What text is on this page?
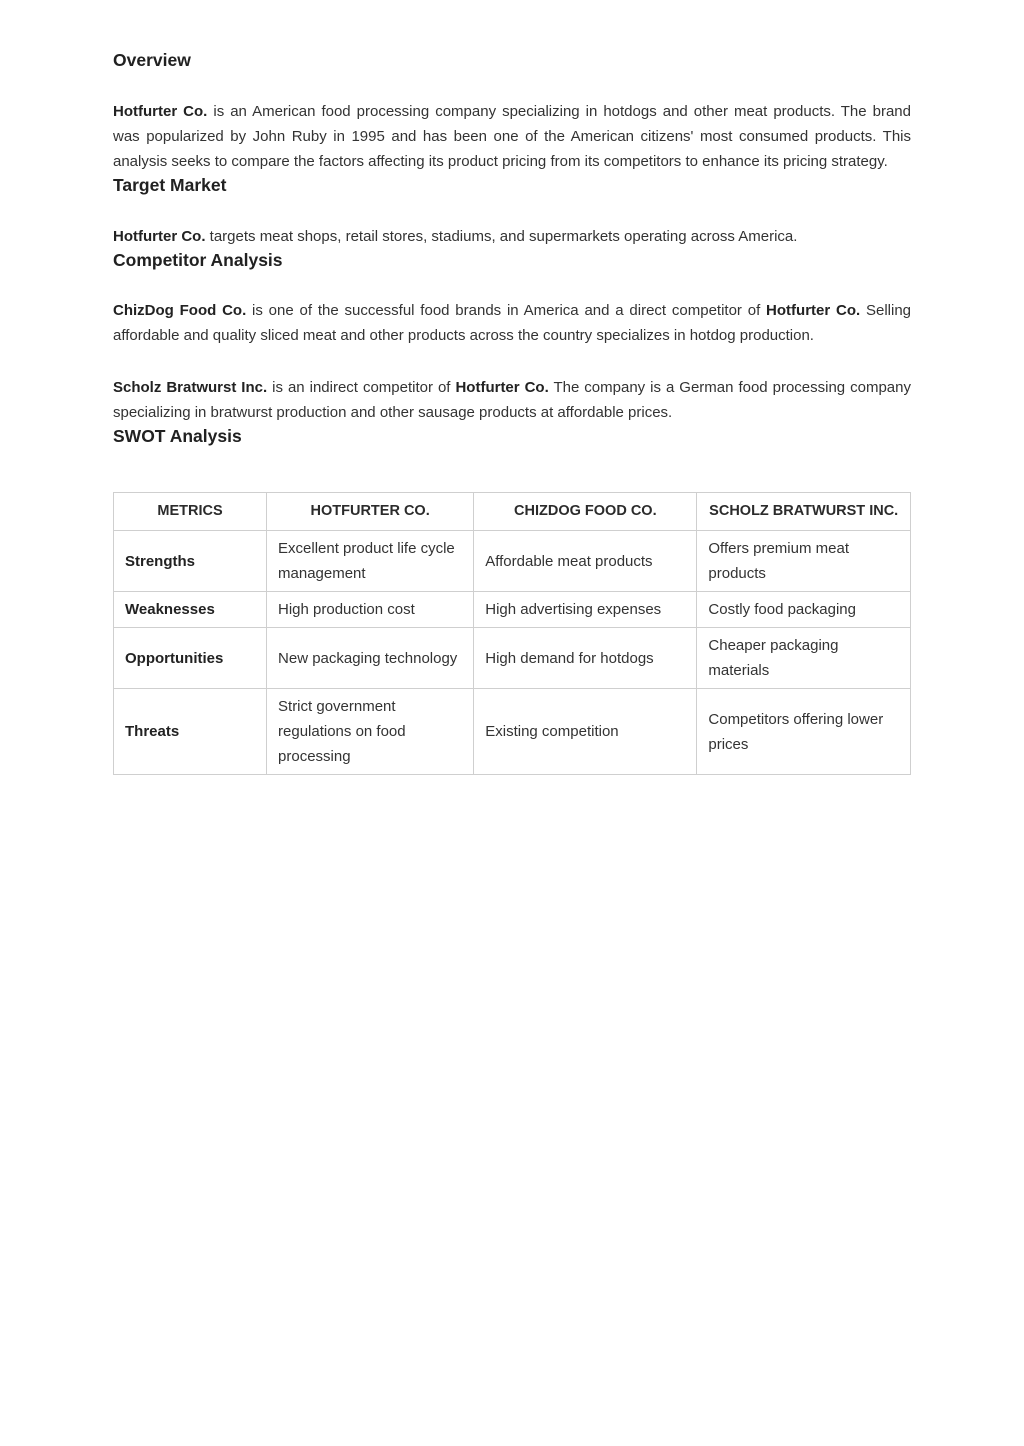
Overview

Hotfurter Co. is an American food processing company specializing in hotdogs and other meat products. The brand was popularized by John Ruby in 1995 and has been one of the American citizens' most consumed products. This analysis seeks to compare the factors affecting its product pricing from its competitors to enhance its pricing strategy.

Target Market

Hotfurter Co. targets meat shops, retail stores, stadiums, and supermarkets operating across America.

Competitor Analysis

ChizDog Food Co. is one of the successful food brands in America and a direct competitor of Hotfurter Co. Selling affordable and quality sliced meat and other products across the country specializes in hotdog production.

Scholz Bratwurst Inc. is an indirect competitor of Hotfurter Co. The company is a German food processing company specializing in bratwurst production and other sausage products at affordable prices.

SWOT Analysis
METRICS	HOTFURTER CO.	CHIZDOG FOOD CO.	SCHOLZ BRATWURST INC.
Strengths	Excellent product life cycle management	Affordable meat products	Offers premium meat products
Weaknesses	High production cost	High advertising expenses	Costly food packaging
Opportunities	New packaging technology	High demand for hotdogs	Cheaper packaging materials
Threats	Strict government regulations on food processing	Existing competition	Competitors offering lower prices
